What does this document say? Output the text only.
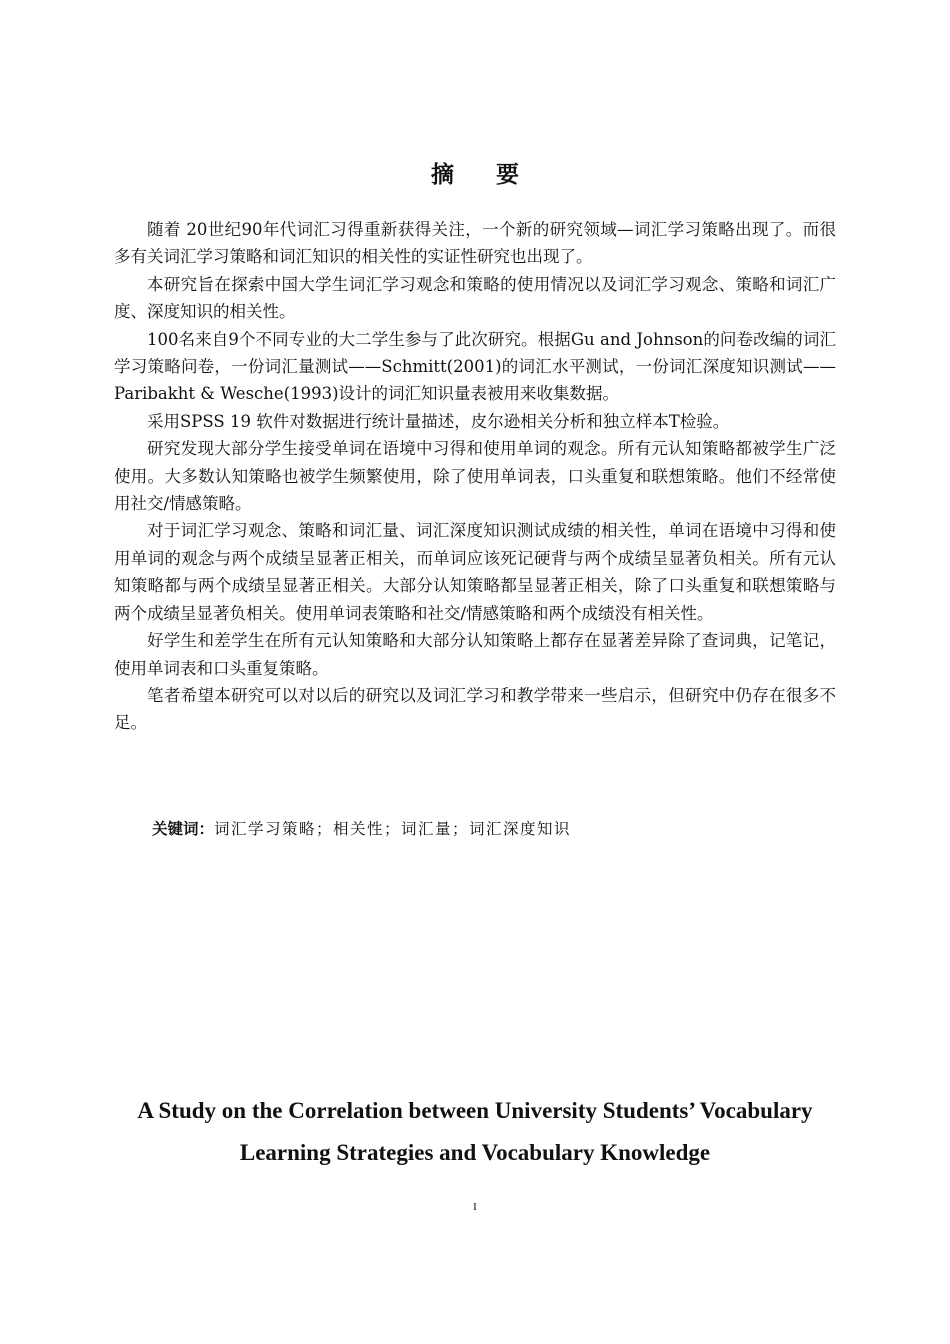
摘要

随着 20世纪90年代词汇习得重新获得关注，一个新的研究领域—词汇学习策略出现了。而很多有关词汇学习策略和词汇知识的相关性的实证性研究也出现了。

本研究旨在探索中国大学生词汇学习观念和策略的使用情况以及词汇学习观念、策略和词汇广度、深度知识的相关性。

100名来自9个不同专业的大二学生参与了此次研究。根据Gu and Johnson的问卷改编的词汇学习策略问卷，一份词汇量测试——Schmitt(2001)的词汇水平测试，一份词汇深度知识测试——Paribakht & Wesche(1993)设计的词汇知识量表被用来收集数据。

采用SPSS 19 软件对数据进行统计量描述，皮尔逊相关分析和独立样本T检验。

研究发现大部分学生接受单词在语境中习得和使用单词的观念。所有元认知策略都被学生广泛使用。大多数认知策略也被学生频繁使用，除了使用单词表，口头重复和联想策略。他们不经常使用社交/情感策略。

对于词汇学习观念、策略和词汇量、词汇深度知识测试成绩的相关性，单词在语境中习得和使用单词的观念与两个成绩呈显著正相关，而单词应该死记硬背与两个成绩呈显著负相关。所有元认知策略都与两个成绩呈显著正相关。大部分认知策略都呈显著正相关，除了口头重复和联想策略与两个成绩呈显著负相关。使用单词表策略和社交/情感策略和两个成绩没有相关性。

好学生和差学生在所有元认知策略和大部分认知策略上都存在显著差异除了查词典，记笔记，使用单词表和口头重复策略。

笔者希望本研究可以对以后的研究以及词汇学习和教学带来一些启示，但研究中仍存在很多不足。

关键词：词汇学习策略；相关性；词汇量；词汇深度知识
A Study on the Correlation between University Students’ Vocabulary
Learning Strategies and Vocabulary Knowledge
I
